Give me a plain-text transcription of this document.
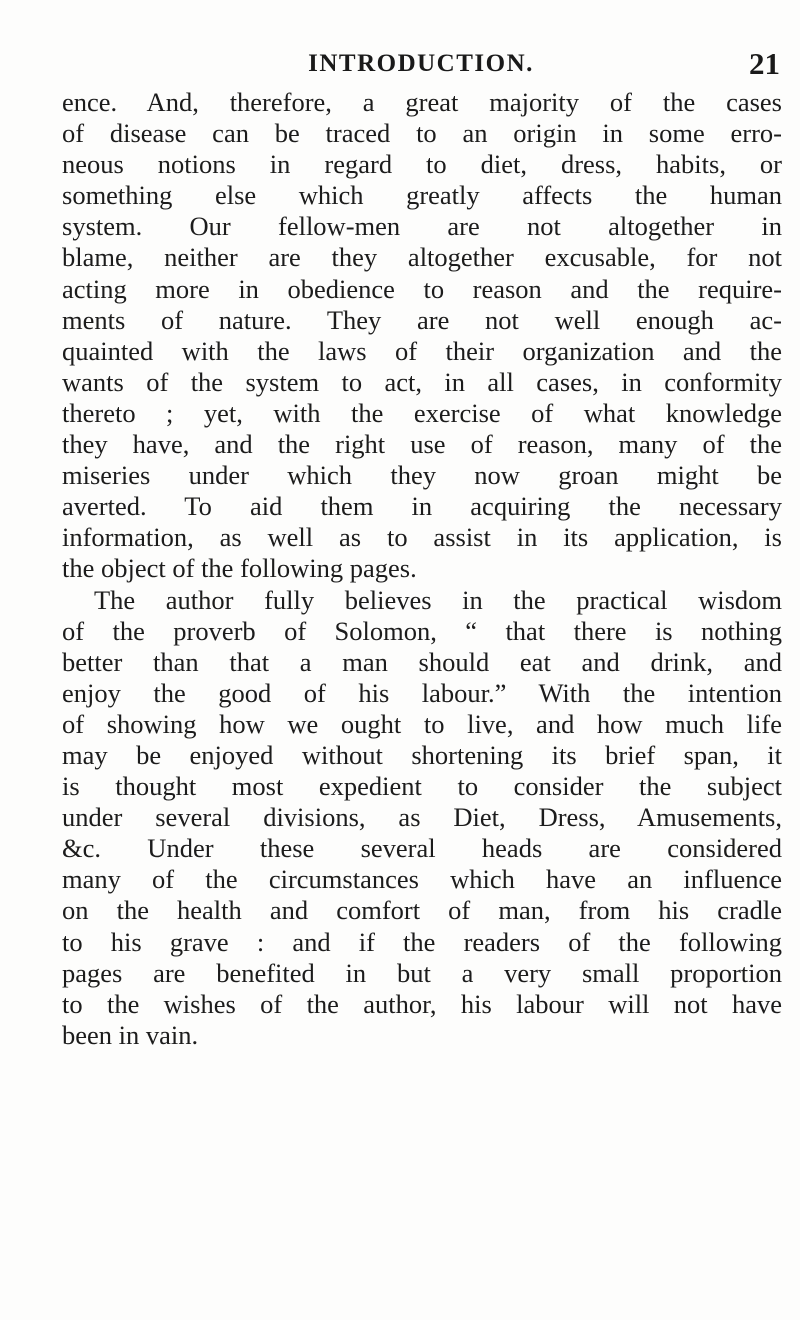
INTRODUCTION.	21
ence. And, therefore, a great majority of the cases
of disease can be traced to an origin in some erro-
neous notions in regard to diet, dress, habits, or
something else which greatly affects the human
system. Our fellow-men are not altogether in
blame, neither are they altogether excusable, for not
acting more in obedience to reason and the require-
ments of nature. They are not well enough ac-
quainted with the laws of their organization and the
wants of the system to act, in all cases, in conformity
thereto ; yet, with the exercise of what knowledge
they have, and the right use of reason, many of the
miseries under which they now groan might be
averted. To aid them in acquiring the necessary
information, as well as to assist in its application, is
the object of the following pages.
The author fully believes in the practical wisdom
of the proverb of Solomon, “ that there is nothing
better than that a man should eat and drink, and
enjoy the good of his labour.” With the intention
of showing how we ought to live, and how much life
may be enjoyed without shortening its brief span, it
is thought most expedient to consider the subject
under several divisions, as Diet, Dress, Amusements,
&c. Under these several heads are considered
many of the circumstances which have an influence
on the health and comfort of man, from his cradle
to his grave : and if the readers of the following
pages are benefited in but a very small proportion
to the wishes of the author, his labour will not have
been in vain.
